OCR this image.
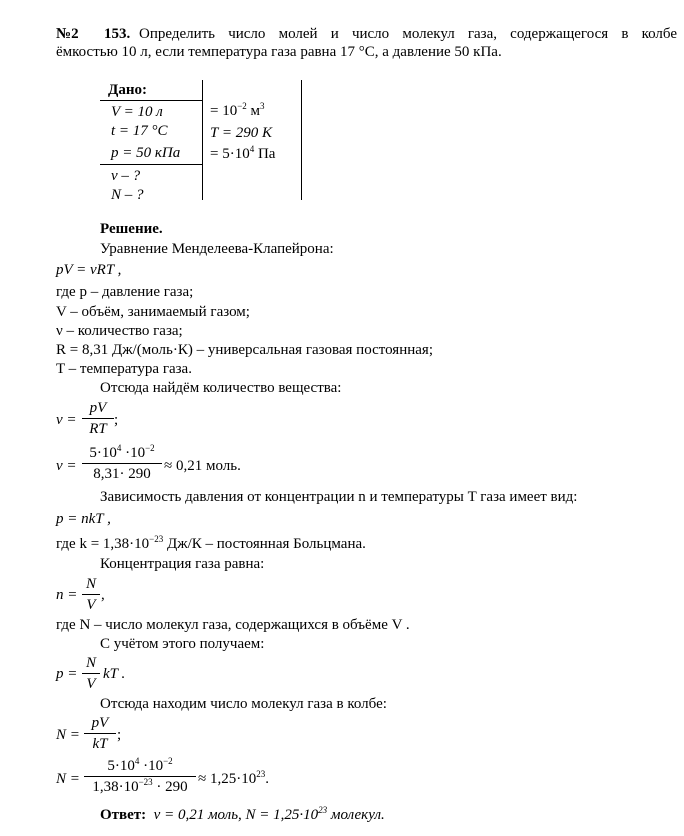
№2 153. Определить число молей и число молекул газа, содержащегося в колбе
ёмкостью 10 л, если температура газа равна 17 °C, а давление 50 кПа.
Дано:
V = 10 л
t = 17 °C
p = 50 кПа
ν – ?
N – ?
= $10^{-2}$ $м^3$
T = 290 К
= $5\cdot 10^4$ Па
Решение.
Уравнение Менделеева-Клапейрона:
pV = νRT ,
где p – давление газа;
V – объём, занимаемый газом;
ν – количество газа;
R = 8,31 Дж/(моль·К) – универсальная газовая постоянная;
T – температура газа.
Отсюда найдём количество вещества:
ν =
pV
RT
;
ν =
$5\cdot 10^4 \cdot 10^{-2}$
8,31· 290 ≈ 0,21 моль.
Зависимость давления от концентрации n и температуры T газа имеет вид:
p = nkT ,
где $k = 1,38\cdot 10^{-23}$ Дж/К – постоянная Больцмана.
Концентрация газа равна:
n =
N
V
,
где N – число молекул газа, содержащихся в объёме V .
С учётом этого получаем:
p =
N
V
kT .
Отсюда находим число молекул газа в колбе:
N =
pV
kT
;
N =
$5\cdot 10^4 \cdot 10^{-2}$
$1,38\cdot 10^{-23} \cdot 290 \approx 1,25\cdot 10^{23}$.
Ответ: ν = 0,21 моль, $N = 1,25\cdot 10^{23}$ молекул.
